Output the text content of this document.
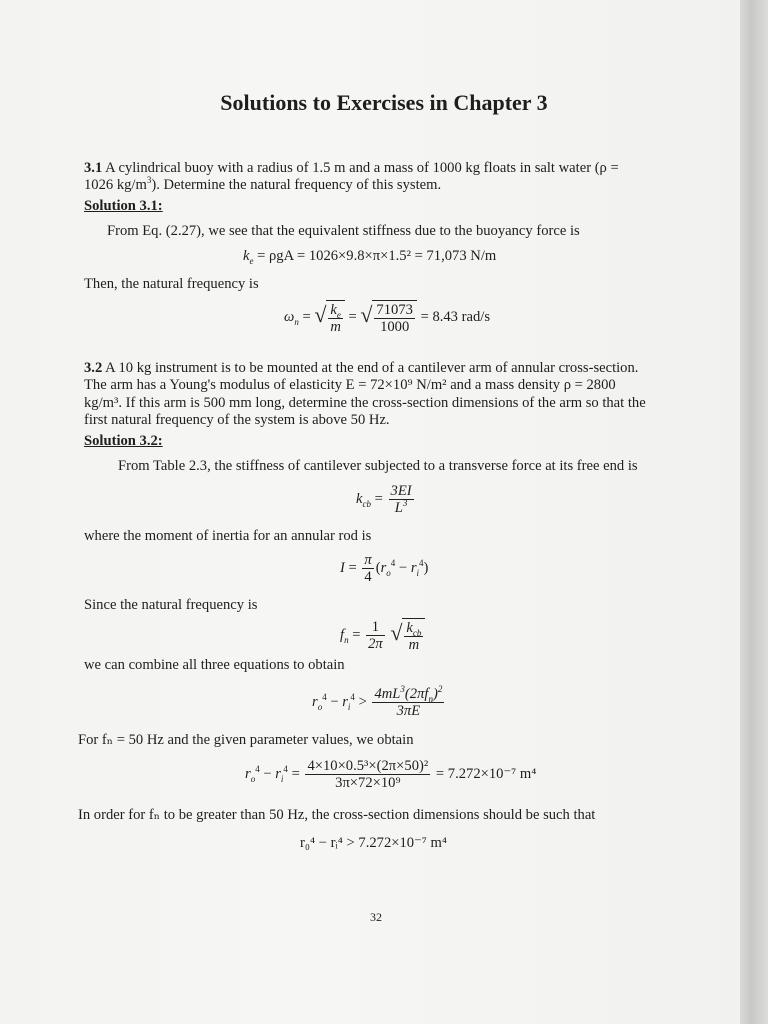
Solutions to Exercises in Chapter 3
3.1 A cylindrical buoy with a radius of 1.5 m and a mass of 1000 kg floats in salt water (ρ =
1026 $kg/m^3$). Determine the natural frequency of this system.
Solution 3.1:
From Eq. (2.27), we see that the equivalent stiffness due to the buoyancy force is
$k_e = \rho gA = 1026\times 9.8\times\pi\times 1.5^2 = 71,073$ N/m
Then, the natural frequency is
$\omega_n$ = √ $\frac{k_e}{m}$ = √ $\frac{71073}{1000} = 8.43$ rad/s
3.2 A 10 kg instrument is to be mounted at the end of a cantilever arm of annular cross-section.
The arm has a Young's modulus of elasticity E = 72×10⁹ N/m² and a mass density ρ = 2800
kg/m³. If this arm is 500 mm long, determine the cross-section dimensions of the arm so that the
first natural frequency of the system is above 50 Hz.
Solution 3.2:
From Table 2.3, the stiffness of cantilever subjected to a transverse force at its free end is
$k_{cb} = \frac{3EI}{L^3}$
where the moment of inertia for an annular rod is
$I = \frac{\pi}{4} (r_o^4 - r_i^4)$
Since the natural frequency is
$f_n = \frac{1}{2\pi}$
√ $\frac{k_{cb}}{m}$
we can combine all three equations to obtain
$r_o^4 - r_i^4 > \frac{4mL^3(2\pi f_n)^2}{3\pi E}$
For fₙ = 50 Hz and the given parameter values, we obtain
$r_o^4 - r_i^4 = \frac{\text{4×10×0.5³×(2π×50)²}}{\text{3π×72×10⁹}} = 7.272\times 10^{-7}$ m⁴
In order for fₙ to be greater than 50 Hz, the cross-section dimensions should be such that
r₀⁴ − rᵢ⁴ > 7.272×10⁻⁷ m⁴
32
